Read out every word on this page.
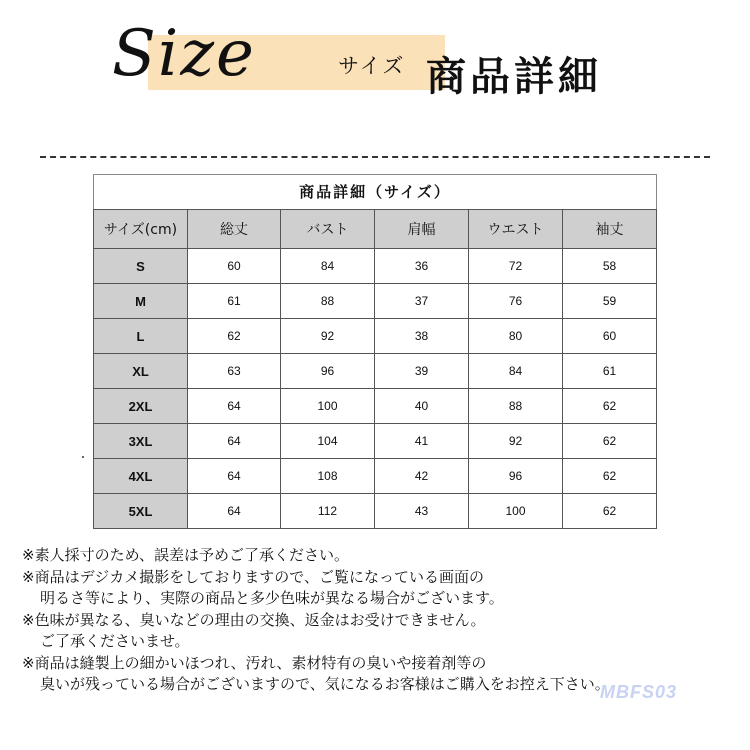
Size	サイズ 商品詳細
商品詳細（サイズ）
サイズ(cm)	総丈	バスト	肩幅	ウエスト	袖丈
S	60	84	36	72	58
M	61	88	37	76	59
L	62	92	38	80	60
XL	63	96	39	84	61
2XL	64	100	40	88	62
3XL	64	104	41	92	62
4XL	64	108	42	96	62
5XL	64	112	43	100	62
※素人採寸のため、誤差は予めご了承ください。
※商品はデジカメ撮影をしておりますので、ご覧になっている画面の
明るさ等により、実際の商品と多少色味が異なる場合がございます。
※色味が異なる、臭いなどの理由の交換、返金はお受けできません。
ご了承くださいませ。
※商品は縫製上の細かいほつれ、汚れ、素材特有の臭いや接着剤等の
臭いが残っている場合がございますので、気になるお客様はご購入をお控え下さい。
MBFS03
